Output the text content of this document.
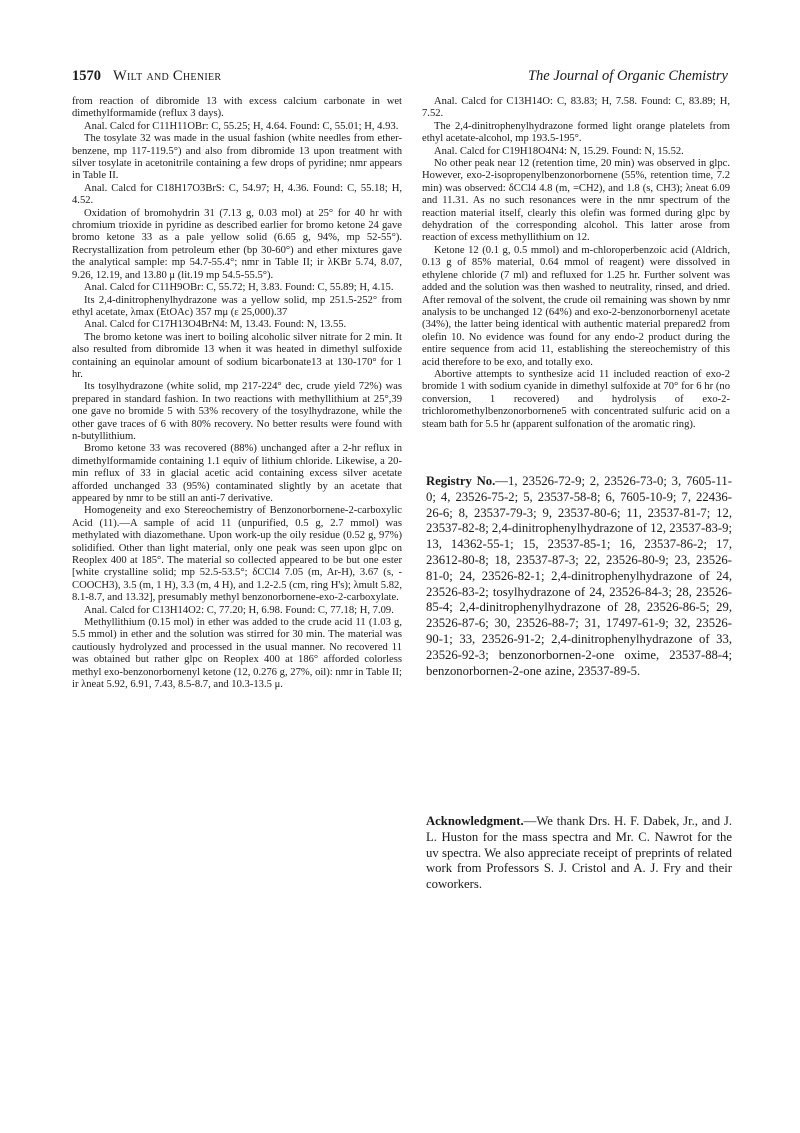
1570 Wilt and Chenier	The Journal of Organic Chemistry

from reaction of dibromide 13 with excess calcium carbonate in wet dimethylformamide (reflux 3 days).

Anal. Calcd for C11H11OBr: C, 55.25; H, 4.64. Found: C, 55.01; H, 4.93.

The tosylate 32 was made in the usual fashion (white needles from ether-benzene, mp 117-119.5°) and also from dibromide 13 upon treatment with silver tosylate in acetonitrile containing a few drops of pyridine; nmr appears in Table II.

Anal. Calcd for C18H17O3BrS: C, 54.97; H, 4.36. Found: C, 55.18; H, 4.52.

Oxidation of bromohydrin 31 (7.13 g, 0.03 mol) at 25° for 40 hr with chromium trioxide in pyridine as described earlier for bromo ketone 24 gave bromo ketone 33 as a pale yellow solid (6.65 g, 94%, mp 52-55°). Recrystallization from petroleum ether (bp 30-60°) and ether mixtures gave the analytical sample: mp 54.7-55.4°; nmr in Table II; ir λKBr 5.74, 8.07, 9.26, 12.19, and 13.80 μ (lit.19 mp 54.5-55.5°).

Anal. Calcd for C11H9OBr: C, 55.72; H, 3.83. Found: C, 55.89; H, 4.15.

Its 2,4-dinitrophenylhydrazone was a yellow solid, mp 251.5-252° from ethyl acetate, λmax (EtOAc) 357 mμ (ε 25,000).37

Anal. Calcd for C17H13O4BrN4: M, 13.43. Found: N, 13.55.

The bromo ketone was inert to boiling alcoholic silver nitrate for 2 min. It also resulted from dibromide 13 when it was heated in dimethyl sulfoxide containing an equinolar amount of sodium bicarbonate13 at 130-170° for 1 hr.

Its tosylhydrazone (white solid, mp 217-224° dec, crude yield 72%) was prepared in standard fashion. In two reactions with methyllithium at 25°,39 one gave no bromide 5 with 53% recovery of the tosylhydrazone, while the other gave traces of 6 with 80% recovery. No better results were found with n-butyllithium.

Bromo ketone 33 was recovered (88%) unchanged after a 2-hr reflux in dimethylformamide containing 1.1 equiv of lithium chloride. Likewise, a 20-min reflux of 33 in glacial acetic acid containing excess silver acetate afforded unchanged 33 (95%) contaminated slightly by an acetate that appeared by nmr to be still an anti-7 derivative.

Homogeneity and exo Stereochemistry of Benzonorbornene-2-carboxylic Acid (11).—A sample of acid 11 (unpurified, 0.5 g, 2.7 mmol) was methylated with diazomethane. Upon work-up the oily residue (0.52 g, 97%) solidified. Other than light material, only one peak was seen upon glpc on Reoplex 400 at 185°. The material so collected appeared to be but one ester [white crystalline solid; mp 52.5-53.5°; δCCl4 7.05 (m, Ar-H), 3.67 (s, -COOCH3), 3.5 (m, 1 H), 3.3 (m, 4 H), and 1.2-2.5 (cm, ring H's); λmult 5.82, 8.1-8.7, and 13.32], presumably methyl benzonorbornene-exo-2-carboxylate.

Anal. Calcd for C13H14O2: C, 77.20; H, 6.98. Found: C, 77.18; H, 7.09.

Methyllithium (0.15 mol) in ether was added to the crude acid 11 (1.03 g, 5.5 mmol) in ether and the solution was stirred for 30 min. The material was cautiously hydrolyzed and processed in the usual manner. No recovered 11 was obtained but rather glpc on Reoplex 400 at 186° afforded colorless methyl exo-benzonorbornenyl ketone (12, 0.276 g, 27%, oil): nmr in Table II; ir λneat 5.92, 6.91, 7.43, 8.5-8.7, and 10.3-13.5 μ.

Anal. Calcd for C13H14O: C, 83.83; H, 7.58. Found: C, 83.89; H, 7.52.

The 2,4-dinitrophenylhydrazone formed light orange platelets from ethyl acetate-alcohol, mp 193.5-195°.

Anal. Calcd for C19H18O4N4: N, 15.29. Found: N, 15.52.

No other peak near 12 (retention time, 20 min) was observed in glpc. However, exo-2-isopropenylbenzonorbornene (55%, retention time, 7.2 min) was observed: δCCl4 4.8 (m, =CH2), and 1.8 (s, CH3); λneat 6.09 and 11.31. As no such resonances were in the nmr spectrum of the reaction material itself, clearly this olefin was formed during glpc by dehydration of the corresponding alcohol. This latter arose from reaction of excess methyllithium on 12.

Ketone 12 (0.1 g, 0.5 mmol) and m-chloroperbenzoic acid (Aldrich, 0.13 g of 85% material, 0.64 mmol of reagent) were dissolved in ethylene chloride (7 ml) and refluxed for 1.25 hr. Further solvent was added and the solution was then washed to neutrality, rinsed, and dried. After removal of the solvent, the crude oil remaining was shown by nmr analysis to be unchanged 12 (64%) and exo-2-benzonorbornenyl acetate (34%), the latter being identical with authentic material prepared2 from olefin 10. No evidence was found for any endo-2 product during the entire sequence from acid 11, establishing the stereochemistry of this acid therefore to be exo, and totally exo.

Abortive attempts to synthesize acid 11 included reaction of exo-2 bromide 1 with sodium cyanide in dimethyl sulfoxide at 70° for 6 hr (no conversion, 1 recovered) and hydrolysis of exo-2-trichloromethylbenzonorbornene5 with concentrated sulfuric acid on a steam bath for 5.5 hr (apparent sulfonation of the aromatic ring).

Registry No.—1, 23526-72-9; 2, 23526-73-0; 3, 7605-11-0; 4, 23526-75-2; 5, 23537-58-8; 6, 7605-10-9; 7, 22436-26-6; 8, 23537-79-3; 9, 23537-80-6; 11, 23537-81-7; 12, 23537-82-8; 2,4-dinitrophenylhydrazone of 12, 23537-83-9; 13, 14362-55-1; 15, 23537-85-1; 16, 23537-86-2; 17, 23612-80-8; 18, 23537-87-3; 22, 23526-80-9; 23, 23526-81-0; 24, 23526-82-1; 2,4-dinitrophenylhydrazone of 24, 23526-83-2; tosylhydrazone of 24, 23526-84-3; 28, 23526-85-4; 2,4-dinitrophenylhydrazone of 28, 23526-86-5; 29, 23526-87-6; 30, 23526-88-7; 31, 17497-61-9; 32, 23526-90-1; 33, 23526-91-2; 2,4-dinitrophenylhydrazone of 33, 23526-92-3; benzonorbornen-2-one oxime, 23537-88-4; benzonorbornen-2-one azine, 23537-89-5.
Acknowledgment.—We thank Drs. H. F. Dabek, Jr., and J. L. Huston for the mass spectra and Mr. C. Nawrot for the uv spectra. We also appreciate receipt of preprints of related work from Professors S. J. Cristol and A. J. Fry and their coworkers.
